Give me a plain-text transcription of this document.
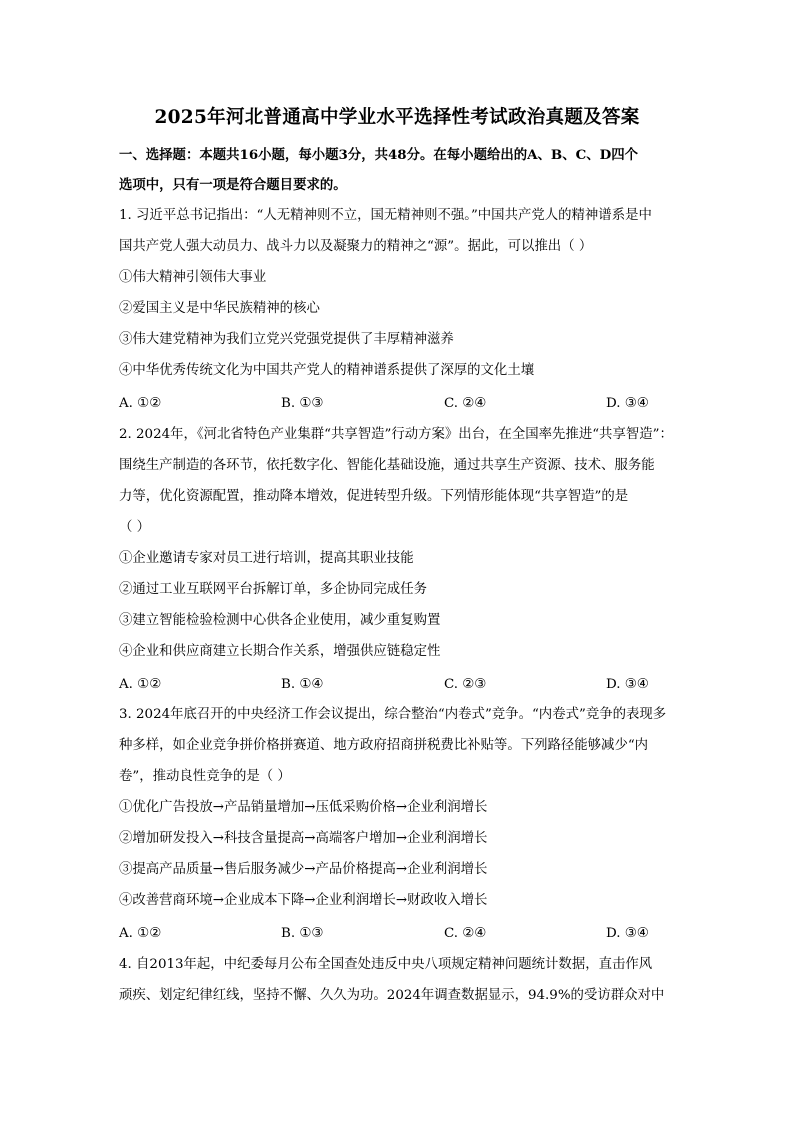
2025年河北普通高中学业水平选择性考试政治真题及答案
一、选择题：本题共16小题，每小题3分，共48分。在每小题给出的A、B、C、D四个
选项中，只有一项是符合题目要求的。
1. 习近平总书记指出：“人无精神则不立，国无精神则不强。”中国共产党人的精神谱系是中
国共产党人强大动员力、战斗力以及凝聚力的精神之“源”。据此，可以推出（ ）
①伟大精神引领伟大事业
②爱国主义是中华民族精神的核心
③伟大建党精神为我们立党兴党强党提供了丰厚精神滋养
④中华优秀传统文化为中国共产党人的精神谱系提供了深厚的文化土壤
A. ①②	B. ①③	C. ②④	D. ③④
2. 2024年，《河北省特色产业集群“共享智造”行动方案》出台，在全国率先推进“共享智造”：
围绕生产制造的各环节，依托数字化、智能化基础设施，通过共享生产资源、技术、服务能
力等，优化资源配置，推动降本增效，促进转型升级。下列情形能体现“共享智造”的是
（ ）
①企业邀请专家对员工进行培训，提高其职业技能
②通过工业互联网平台拆解订单，多企协同完成任务
③建立智能检验检测中心供各企业使用，减少重复购置
④企业和供应商建立长期合作关系，增强供应链稳定性
A. ①②	B. ①④	C. ②③	D. ③④
3. 2024年底召开的中央经济工作会议提出，综合整治“内卷式”竞争。“内卷式”竞争的表现多
种多样，如企业竞争拼价格拼赛道、地方政府招商拼税费比补贴等。下列路径能够减少“内
卷”，推动良性竞争的是（ ）
①优化广告投放→产品销量增加→压低采购价格→企业利润增长
②增加研发投入→科技含量提高→高端客户增加→企业利润增长
③提高产品质量→售后服务减少→产品价格提高→企业利润增长
④改善营商环境→企业成本下降→企业利润增长→财政收入增长
A. ①②	B. ①③	C. ②④	D. ③④
4. 自2013年起，中纪委每月公布全国查处违反中央八项规定精神问题统计数据，直击作风
顽疾、划定纪律红线，坚持不懈、久久为功。2024年调查数据显示，94.9%的受访群众对中
